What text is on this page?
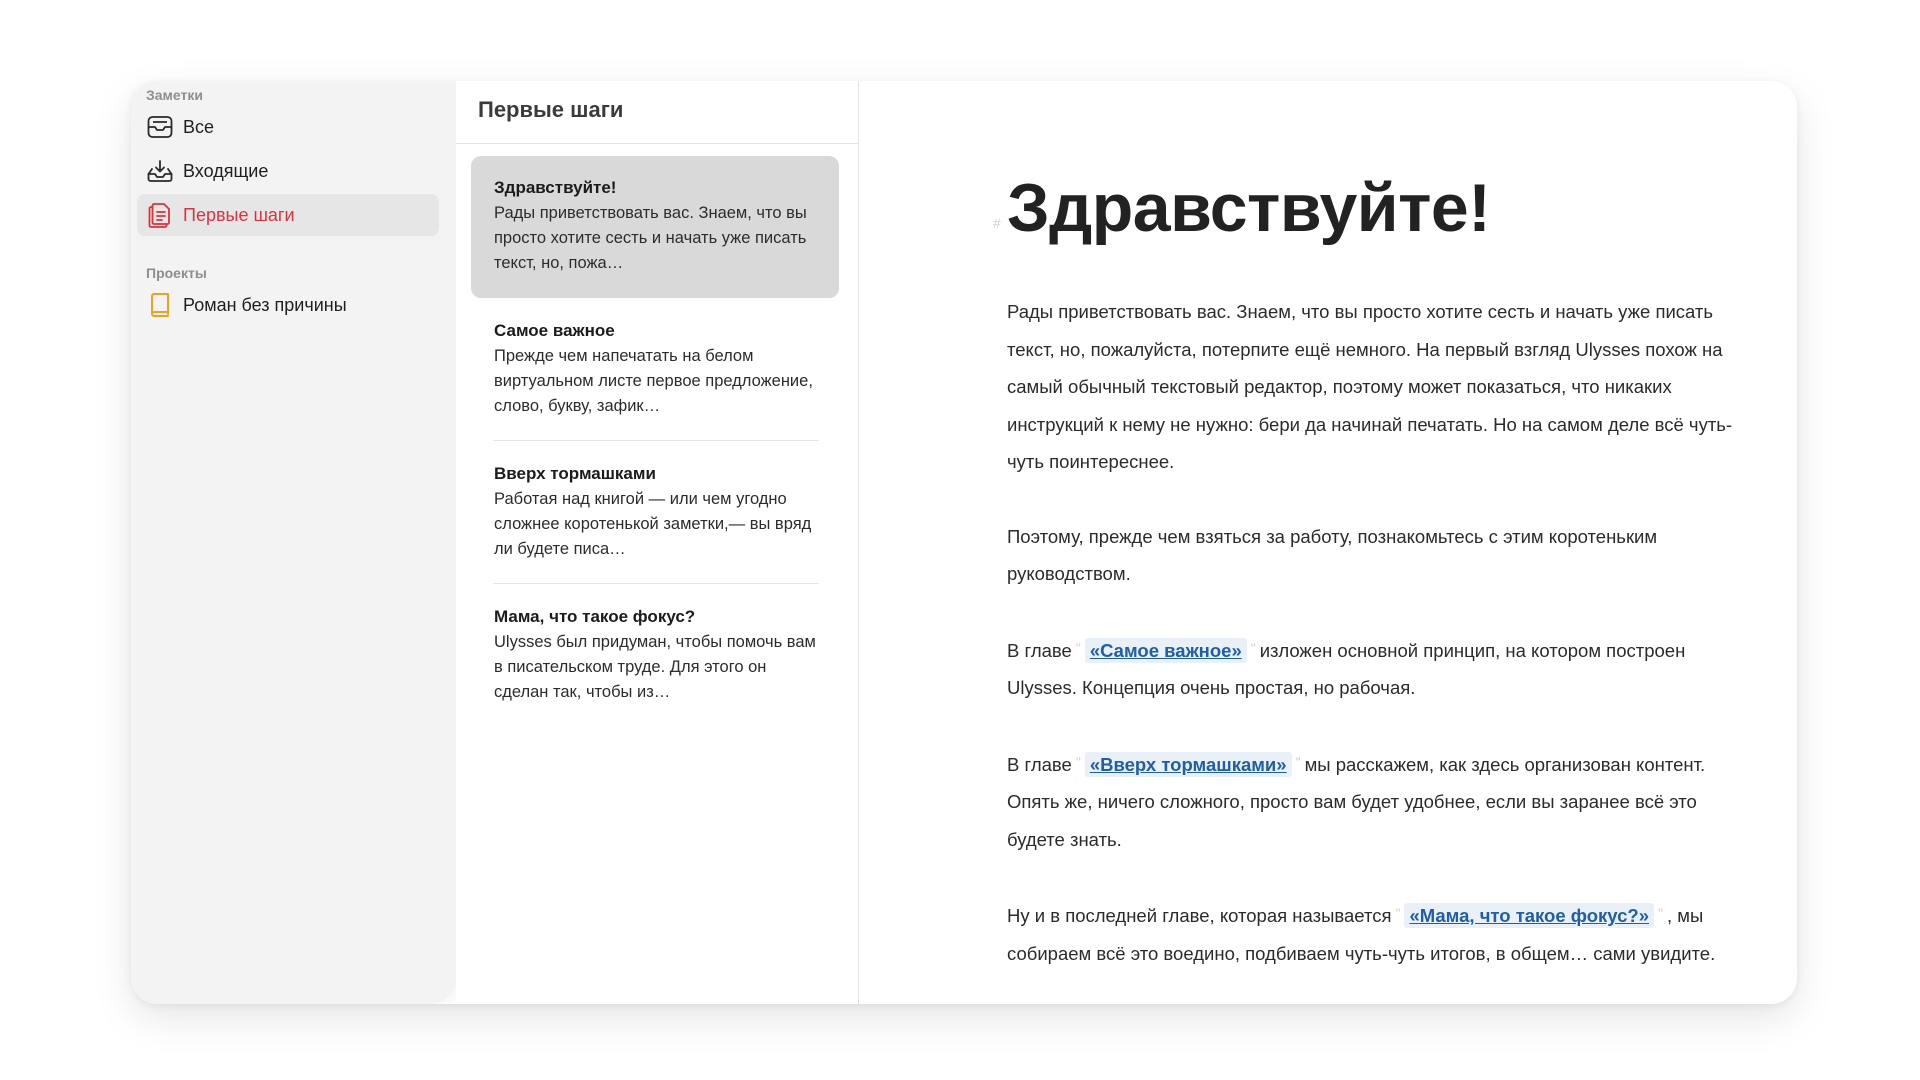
Заметки
Все
Входящие
Первые шаги
Проекты
Роман без причины
Первые шаги
Здравствуйте!
Рады приветствовать вас. Знаем, что вы просто хотите сесть и начать уже писать текст, но, пожа…
Самое важное
Прежде чем напечатать на белом виртуальном листе первое предложение, слово, букву, зафик…
Вверх тормашками
Работая над книгой — или чем угодно сложнее коротенькой заметки,— вы вряд ли будете писа…
Мама, что такое фокус?
Ulysses был придуман, чтобы помочь вам в писательском труде. Для этого он сделан так, чтобы из…
# Здравствуйте!

Рады приветствовать вас. Знаем, что вы просто хотите сесть и начать уже писать текст, но, пожалуйста, потерпите ещё немного. На первый взгляд Ulysses похож на самый обычный текстовый редактор, поэтому может показаться, что никаких инструкций к нему не нужно: бери да начинай печатать. Но на самом деле всё чуть-чуть поинтереснее.

Поэтому, прежде чем взяться за работу, познакомьтесь с этим коротеньким руководством.

В главе " «Самое важное» " изложен основной принцип, на котором построен Ulysses. Концепция очень простая, но рабочая.

В главе " «Вверх тормашками» " мы расскажем, как здесь организован контент. Опять же, ничего сложного, просто вам будет удобнее, если вы заранее всё это будете знать.

Ну и в последней главе, которая называется " «Мама, что такое фокус?» " , мы собираем всё это воедино, подбиваем чуть-чуть итогов, в общем… сами увидите.
